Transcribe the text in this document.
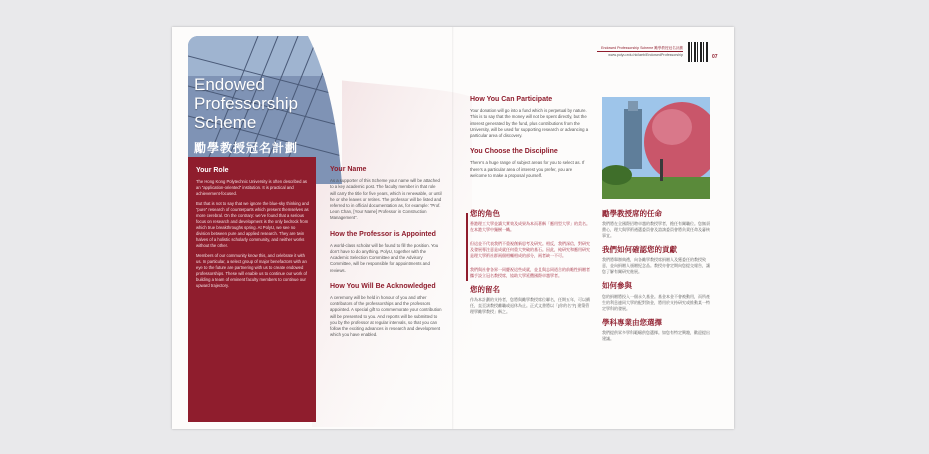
Endowed
Professorship
Scheme
勵學教授冠名計劃
Your Role

The Hong Kong Polytechnic University is often described as an “application-oriented” institution. It is practical and achievement-focused.

But that is not to say that we ignore the blue-sky thinking and “pure” research of counterparts which present themselves as more cerebral. On the contrary: we’ve found that a serious focus on research and development is the only bedrock from which true breakthroughs spring. At PolyU, we see no division between pure and applied research. They are twin halves of a holistic scholarly community, and neither works without the other.

Members of our community know this, and celebrate it with us. In particular, a select group of major benefactors with an eye to the future are partnering with us to create endowed professorships. These will enable us to continue our work of building a team of eminent faculty members to continue our upward trajectory.

Your Name

As a supporter of this Scheme your name will be attached to a key academic post. The faculty member in that role will carry the title for five years, which is renewable, or until he or she leaves or retires. The professor will be listed and referred to in official documentation as, for example: “Prof. Leon Chan, [Your Name] Professor in Construction Management”.

How the Professor is Appointed

A world-class scholar will be found to fill the position. You don’t have to do anything. PolyU, together with the Academic Selection Committee and the Advisory Committee, will be responsible for appointments and reviews.

How You Will Be Acknowledged

A ceremony will be held in honour of you and other contributors of the professorships and the professors appointed. A special gift to commemorate your contribution will be presented to you. And reports will be submitted to you by the professor at regular intervals, so that you can follow the exciting advances in research and development which you have enabled.

Endowed Professorship Scheme 勵學教授冠名計劃
www.polyu.edu.hk/iaeb/EndowedProfessorship	07
How You Can Participate

Your donation will go into a fund which is perpetual by nature. This is to say that the money will not be spent directly, but the interest generated by the fund, plus contributions from the University, will be used for supporting research or advancing a particular area of discovery.

You Choose the Discipline

There’s a huge range of subject areas for you to select as. If there’s a particular area of interest you prefer, you are welcome to make a proposal yourself.

您的角色

香港理工大學並讀大實效及成果為本而著稱「應用型大學」的美名。在本港大學中獨樹一幟。

但這並不代表我們不重視創新思考及研究。相反，我們深信，對研究及發展專注意是成就任何重大突破的基石。因此，純研究和應用研究是理大學術社群兩個相輔相成的部分，兩者缺一不可。

我們與社會各界一同慶祝這些成就，並且與志同道合的前瞻性捐贈者攜手設立冠名教授席，協助大學延攬國際卓越學者。

您的留名

作為本計劃的支持者，您將與勵學教授席位聯名，任期五年，可以續任，直至該教授離職或退休為止。正式文書將以「[你的名字] 建築管理學勵學教授」稱之。

勵學教授席的任命

我們將在全國際招聘卓越的教授學者，擔任有關職位。您無須費心，理大與學術遴選委員會及諮詢委員會將負責任命及審核事宜。

我們如何確認您的貢獻

我們將舉辦典禮，向各勵學教授席捐贈人及獲委任的教授致意，並向捐贈人頒贈紀念品。教授亦會定期向您提交報告，讓您了解有關研究進展。

如何參與

您的捐贈將投入一個永久基金。基金本金不會被動用，而所產生的利息連同大學的配對資金，將用於支持研究或推動某一特定學科的發展。

學科專業由您選擇

我們提供眾多學科範疇供您選擇。如您有特定興趣，歡迎提出建議。
